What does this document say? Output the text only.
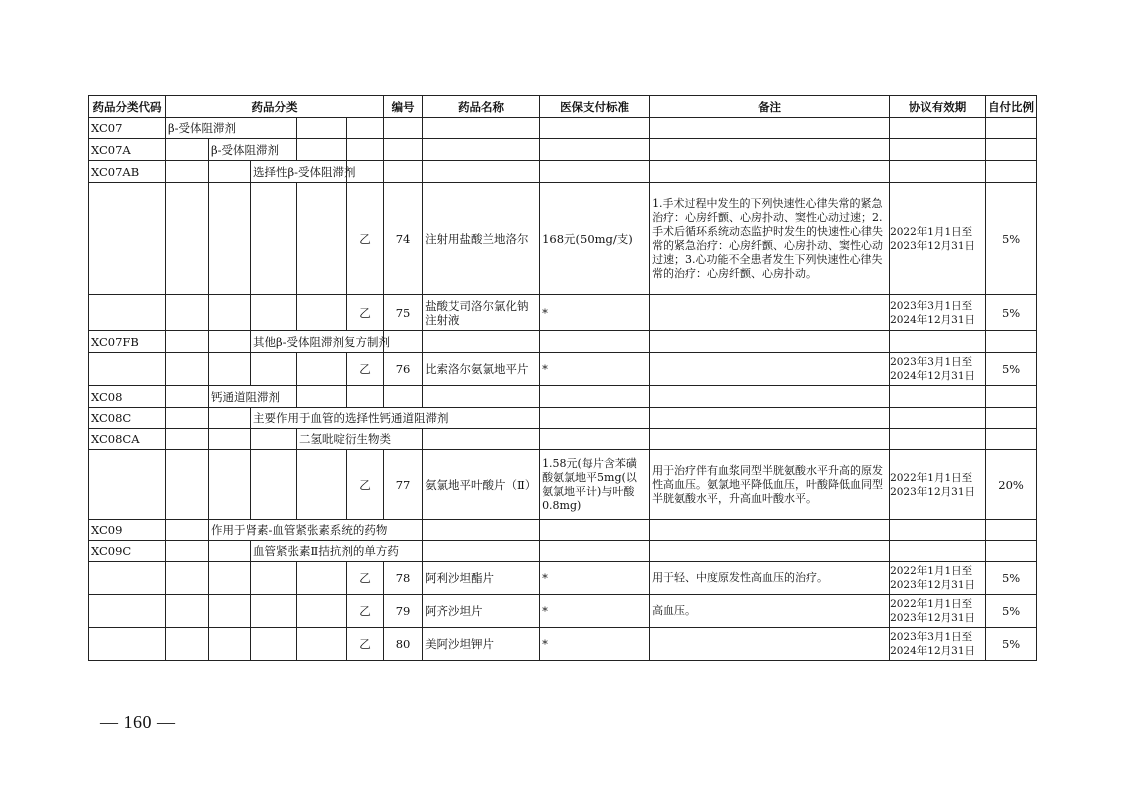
药品分类代码	药品分类					编号	药品名称	医保支付标准	备注	协议有效期	自付比例
XC07	β-受体阻滞剂										
XC07A		β-受体阻滞剂									
XC07AB			选择性β-受体阻滞剂								
					乙	74	注射用盐酸兰地洛尔	168元(50mg/支)	1.手术过程中发生的下列快速性心律失常的紧急治疗：心房纤颤、心房扑动、窦性心动过速；2.手术后循环系统动态监护时发生的快速性心律失常的紧急治疗：心房纤颤、心房扑动、窦性心动过速；3.心功能不全患者发生下列快速性心律失常的治疗：心房纤颤、心房扑动。	2022年1月1日至
2023年12月31日	5%
					乙	75	盐酸艾司洛尔氯化钠注射液	*		2023年3月1日至
2024年12月31日	5%
XC07FB			其他β-受体阻滞剂复方制剂								
					乙	76	比索洛尔氨氯地平片	*		2023年3月1日至
2024年12月31日	5%
XC08		钙通道阻滞剂									
XC08C			主要作用于血管的选择性钙通道阻滞剂								
XC08CA				二氢吡啶衍生物类							
					乙	77	氨氯地平叶酸片（Ⅱ）	1.58元(每片含苯磺酸氨氯地平5mg(以氨氯地平计)与叶酸0.8mg)	用于治疗伴有血浆同型半胱氨酸水平升高的原发性高血压。氨氯地平降低血压，叶酸降低血同型半胱氨酸水平，升高血叶酸水平。	2022年1月1日至
2023年12月31日	20%
XC09		作用于肾素-血管紧张素系统的药物									
XC09C			血管紧张素Ⅱ拮抗剂的单方药								
					乙	78	阿利沙坦酯片	*	用于轻、中度原发性高血压的治疗。	2022年1月1日至
2023年12月31日	5%
					乙	79	阿齐沙坦片	*	高血压。	2022年1月1日至
2023年12月31日	5%
					乙	80	美阿沙坦钾片	*		2023年3月1日至
2024年12月31日	5%
— 160 —
